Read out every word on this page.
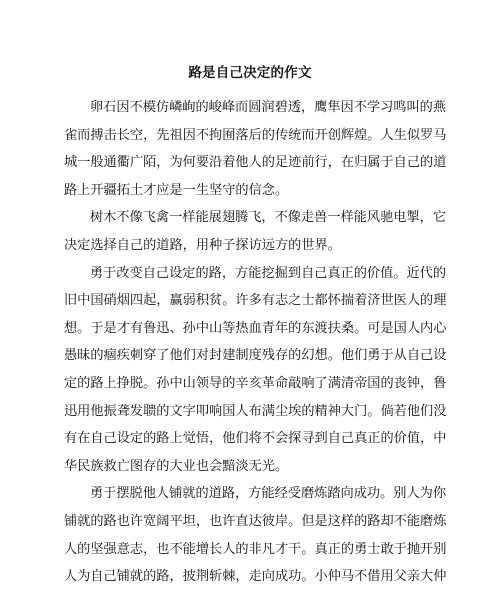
路是自己决定的作文
卵石因不模仿嶙峋的峻峰而圆润碧透，鹰隼因不学习鸣叫的燕
雀而搏击长空，先祖因不拘囿落后的传统而开创辉煌。人生似罗马
城一般通衢广陌，为何要沿着他人的足迹前行，在归属于自己的道
路上开疆拓土才应是一生坚守的信念。
树木不像飞禽一样能展翅腾飞，不像走兽一样能风驰电掣，它
决定选择自己的道路，用种子探访远方的世界。
勇于改变自己设定的路，方能挖掘到自己真正的价值。近代的
旧中国硝烟四起，赢弱积贫。许多有志之士都怀揣着济世医人的理
想。于是才有鲁迅、孙中山等热血青年的东渡扶桑。可是国人内心
愚昧的痼疾刺穿了他们对封建制度残存的幻想。他们勇于从自己设
定的路上挣脱。孙中山领导的辛亥革命敲响了满清帝国的丧钟，鲁
迅用他振聋发聩的文字叩响国人布满尘埃的精神大门。倘若他们没
有在自己设定的路上觉悟，他们将不会探寻到自己真正的价值，中
华民族救亡图存的大业也会黯淡无光。
勇于摆脱他人铺就的道路，方能经受磨炼踏向成功。别人为你
铺就的路也许宽阔平坦，也许直达彼岸。但是这样的路却不能磨炼
人的坚强意志，也不能增长人的非凡才干。真正的勇士敢于抛开别
人为自己铺就的路，披荆斩棘，走向成功。小仲马不借用父亲大仲
